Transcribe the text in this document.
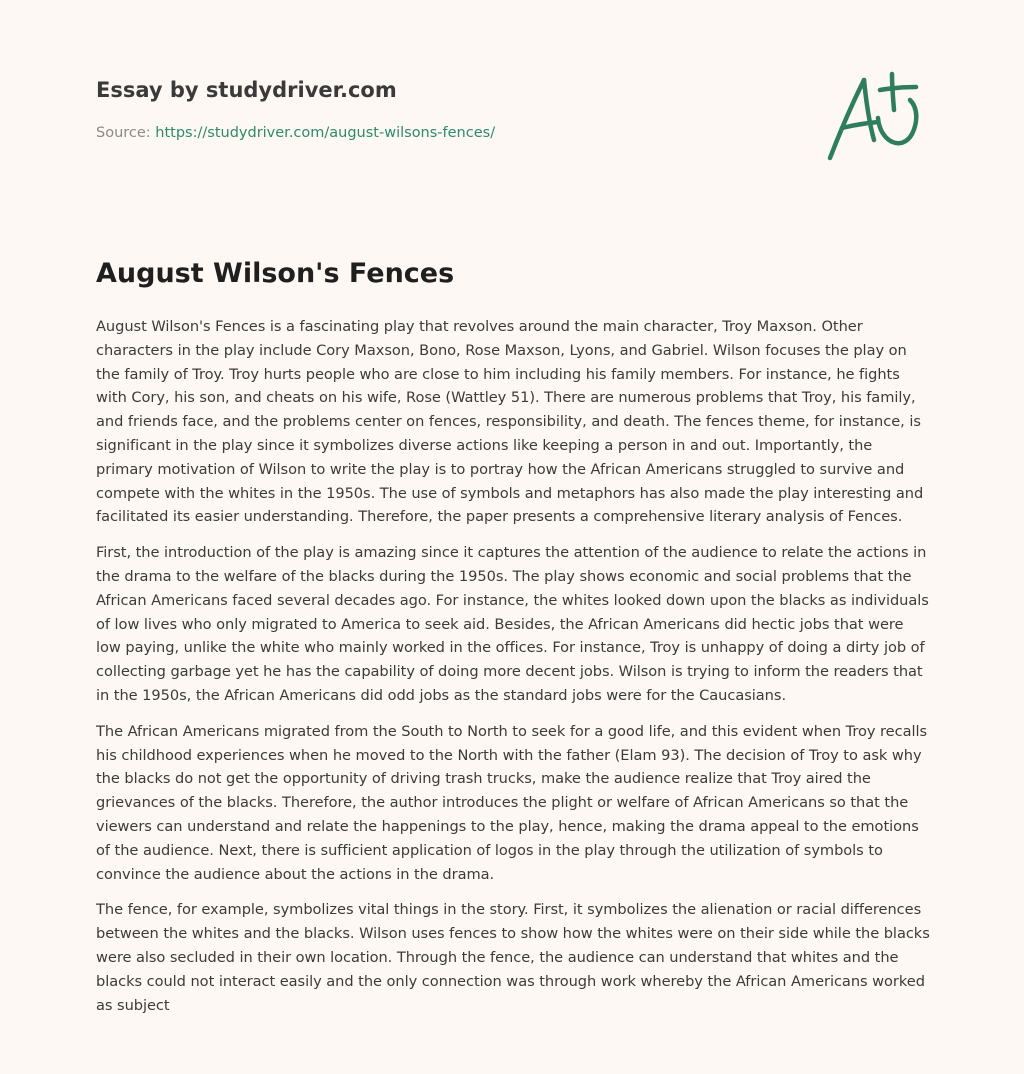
Essay by studydriver.com
Source: https://studydriver.com/august-wilsons-fences/
August Wilson's Fences

August Wilson's Fences is a fascinating play that revolves around the main character, Troy Maxson. Other characters in the play include Cory Maxson, Bono, Rose Maxson, Lyons, and Gabriel. Wilson focuses the play on the family of Troy. Troy hurts people who are close to him including his family members. For instance, he fights with Cory, his son, and cheats on his wife, Rose (Wattley 51). There are numerous problems that Troy, his family, and friends face, and the problems center on fences, responsibility, and death. The fences theme, for instance, is significant in the play since it symbolizes diverse actions like keeping a person in and out. Importantly, the primary motivation of Wilson to write the play is to portray how the African Americans struggled to survive and compete with the whites in the 1950s. The use of symbols and metaphors has also made the play interesting and facilitated its easier understanding. Therefore, the paper presents a comprehensive literary analysis of Fences.

First, the introduction of the play is amazing since it captures the attention of the audience to relate the actions in the drama to the welfare of the blacks during the 1950s. The play shows economic and social problems that the African Americans faced several decades ago. For instance, the whites looked down upon the blacks as individuals of low lives who only migrated to America to seek aid. Besides, the African Americans did hectic jobs that were low paying, unlike the white who mainly worked in the offices. For instance, Troy is unhappy of doing a dirty job of collecting garbage yet he has the capability of doing more decent jobs. Wilson is trying to inform the readers that in the 1950s, the African Americans did odd jobs as the standard jobs were for the Caucasians.

The African Americans migrated from the South to North to seek for a good life, and this evident when Troy recalls his childhood experiences when he moved to the North with the father (Elam 93). The decision of Troy to ask why the blacks do not get the opportunity of driving trash trucks, make the audience realize that Troy aired the grievances of the blacks. Therefore, the author introduces the plight or welfare of African Americans so that the viewers can understand and relate the happenings to the play, hence, making the drama appeal to the emotions of the audience. Next, there is sufficient application of logos in the play through the utilization of symbols to convince the audience about the actions in the drama.

The fence, for example, symbolizes vital things in the story. First, it symbolizes the alienation or racial differences between the whites and the blacks. Wilson uses fences to show how the whites were on their side while the blacks were also secluded in their own location. Through the fence, the audience can understand that whites and the blacks could not interact easily and the only connection was through work whereby the African Americans worked as subject
